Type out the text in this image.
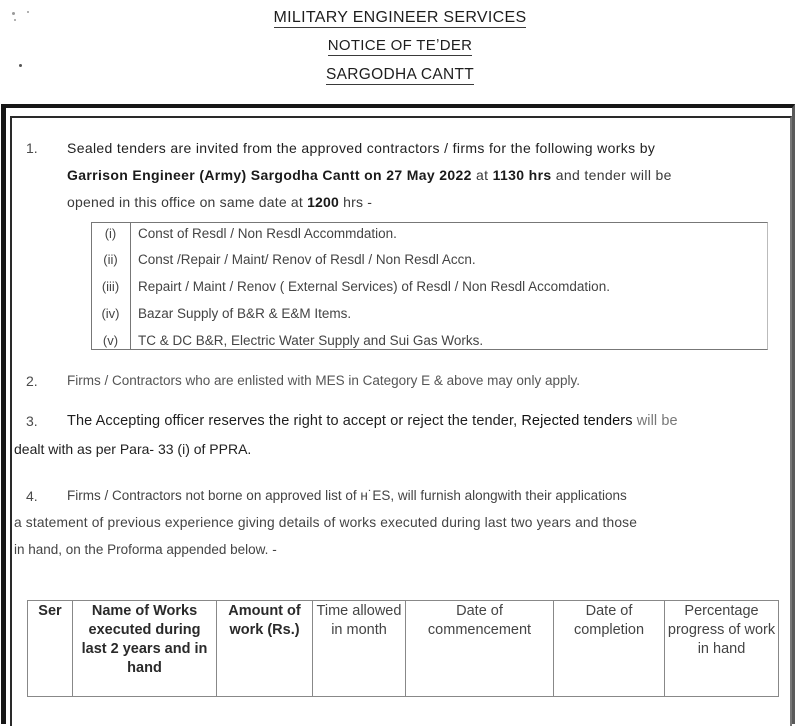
MILITARY ENGINEER SERVICES
NOTICE OF TEʼDER
SARGODHA CANTT
1. Sealed tenders are invited from the approved contractors / firms for the following works by
Garrison Engineer (Army) Sargodha Cantt on 27 May 2022 at 1130 hrs and tender will be
opened in this office on same date at 1200 hrs -
(i)	Const of Resdl / Non Resdl Accommdation.
(ii)	Const /Repair / Maint/ Renov of Resdl / Non Resdl Accn.
(iii)	Repairt / Maint / Renov ( External Services) of Resdl / Non Resdl Accomdation.
(iv)	Bazar Supply of B&R & E&M Items.
(v)	TC & DC B&R, Electric Water Supply and Sui Gas Works.
2. Firms / Contractors who are enlisted with MES in Category E & above may only apply.
3. The Accepting officer reserves the right to accept or reject the tender, Rejected tenders will be
dealt with as per Para- 33 (i) of PPRA.
4. Firms / Contractors not borne on approved list of н˙ES, will furnish alongwith their applications
a statement of previous experience giving details of works executed during last two years and those
in hand, on the Proforma appended below. -
Ser	Name of Works executed during last 2 years and in hand	Amount of work (Rs.)	Time allowed in month	Date of commencement	Date of completion	Percentage progress of work in hand
